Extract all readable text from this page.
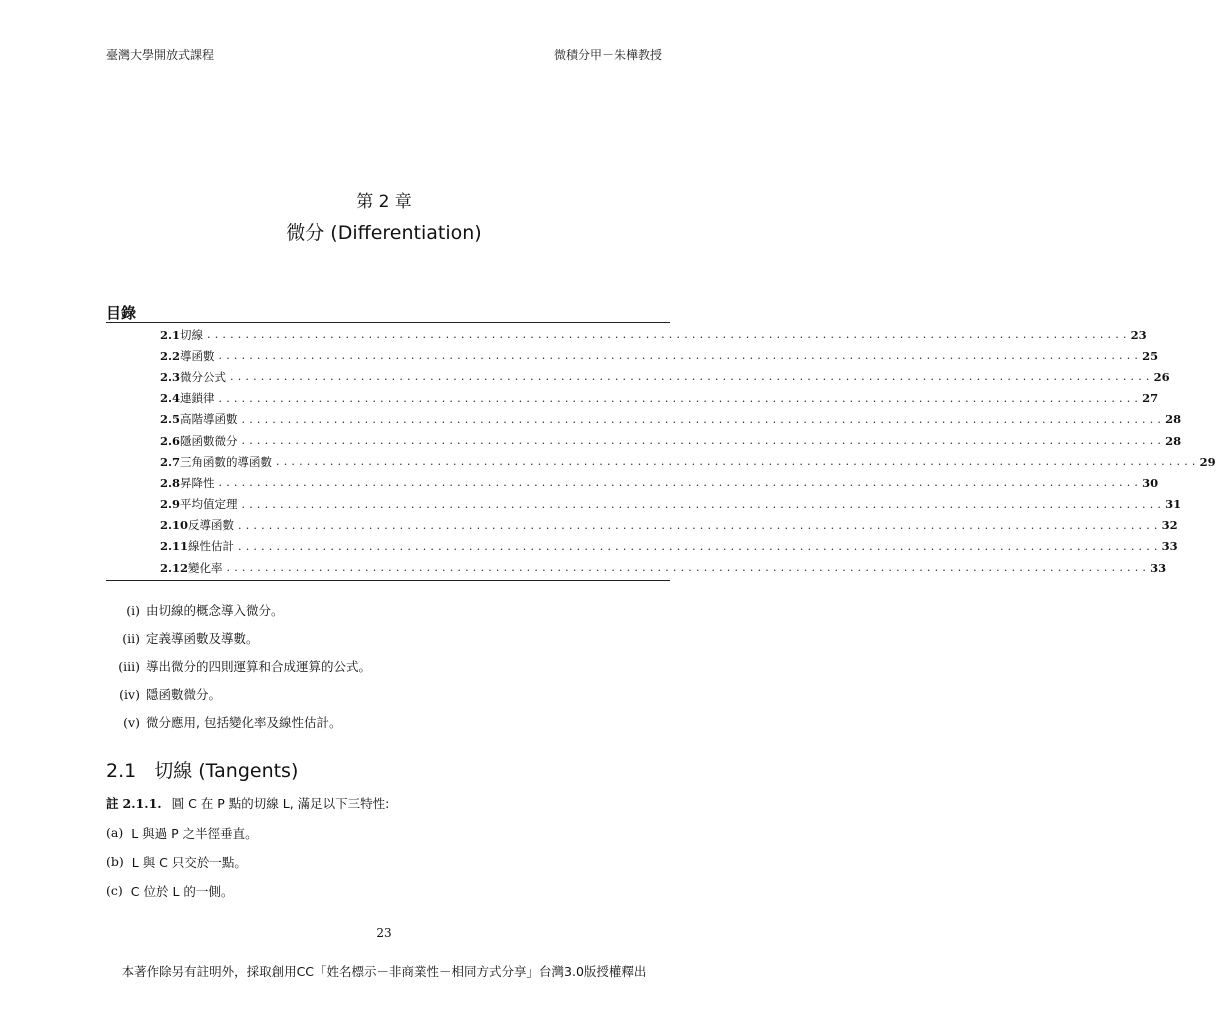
臺灣大學開放式課程	微積分甲－朱樺教授
第 2 章
微分 (Differentiation)
目錄
2.1 切線 ........................................................................................................................ 23
2.2 導函數 ........................................................................................................................ 25
2.3 微分公式 ........................................................................................................................ 26
2.4 連鎖律 ........................................................................................................................ 27
2.5 高階導函數 ........................................................................................................................ 28
2.6 隱函數微分 ........................................................................................................................ 28
2.7 三角函數的導函數 ........................................................................................................................ 29
2.8 昇降性 ........................................................................................................................ 30
2.9 平均值定理 ........................................................................................................................ 31
2.10 反導函數 ........................................................................................................................ 32
2.11 線性估計 ........................................................................................................................ 33
2.12 變化率 ........................................................................................................................ 33
(i) 由切線的概念導入微分。
(ii) 定義導函數及導數。
(iii) 導出微分的四則運算和合成運算的公式。
(iv) 隱函數微分。
(v) 微分應用, 包括變化率及線性估計。
2.1 切線 (Tangents)
註 2.1.1. 圓 C 在 P 點的切線 L, 滿足以下三特性:
(a) L 與過 P 之半徑垂直。
(b) L 與 C 只交於一點。
(c) C 位於 L 的一側。
23
本著作除另有註明外，採取創用CC「姓名標示－非商業性－相同方式分享」台灣3.0版授權釋出
